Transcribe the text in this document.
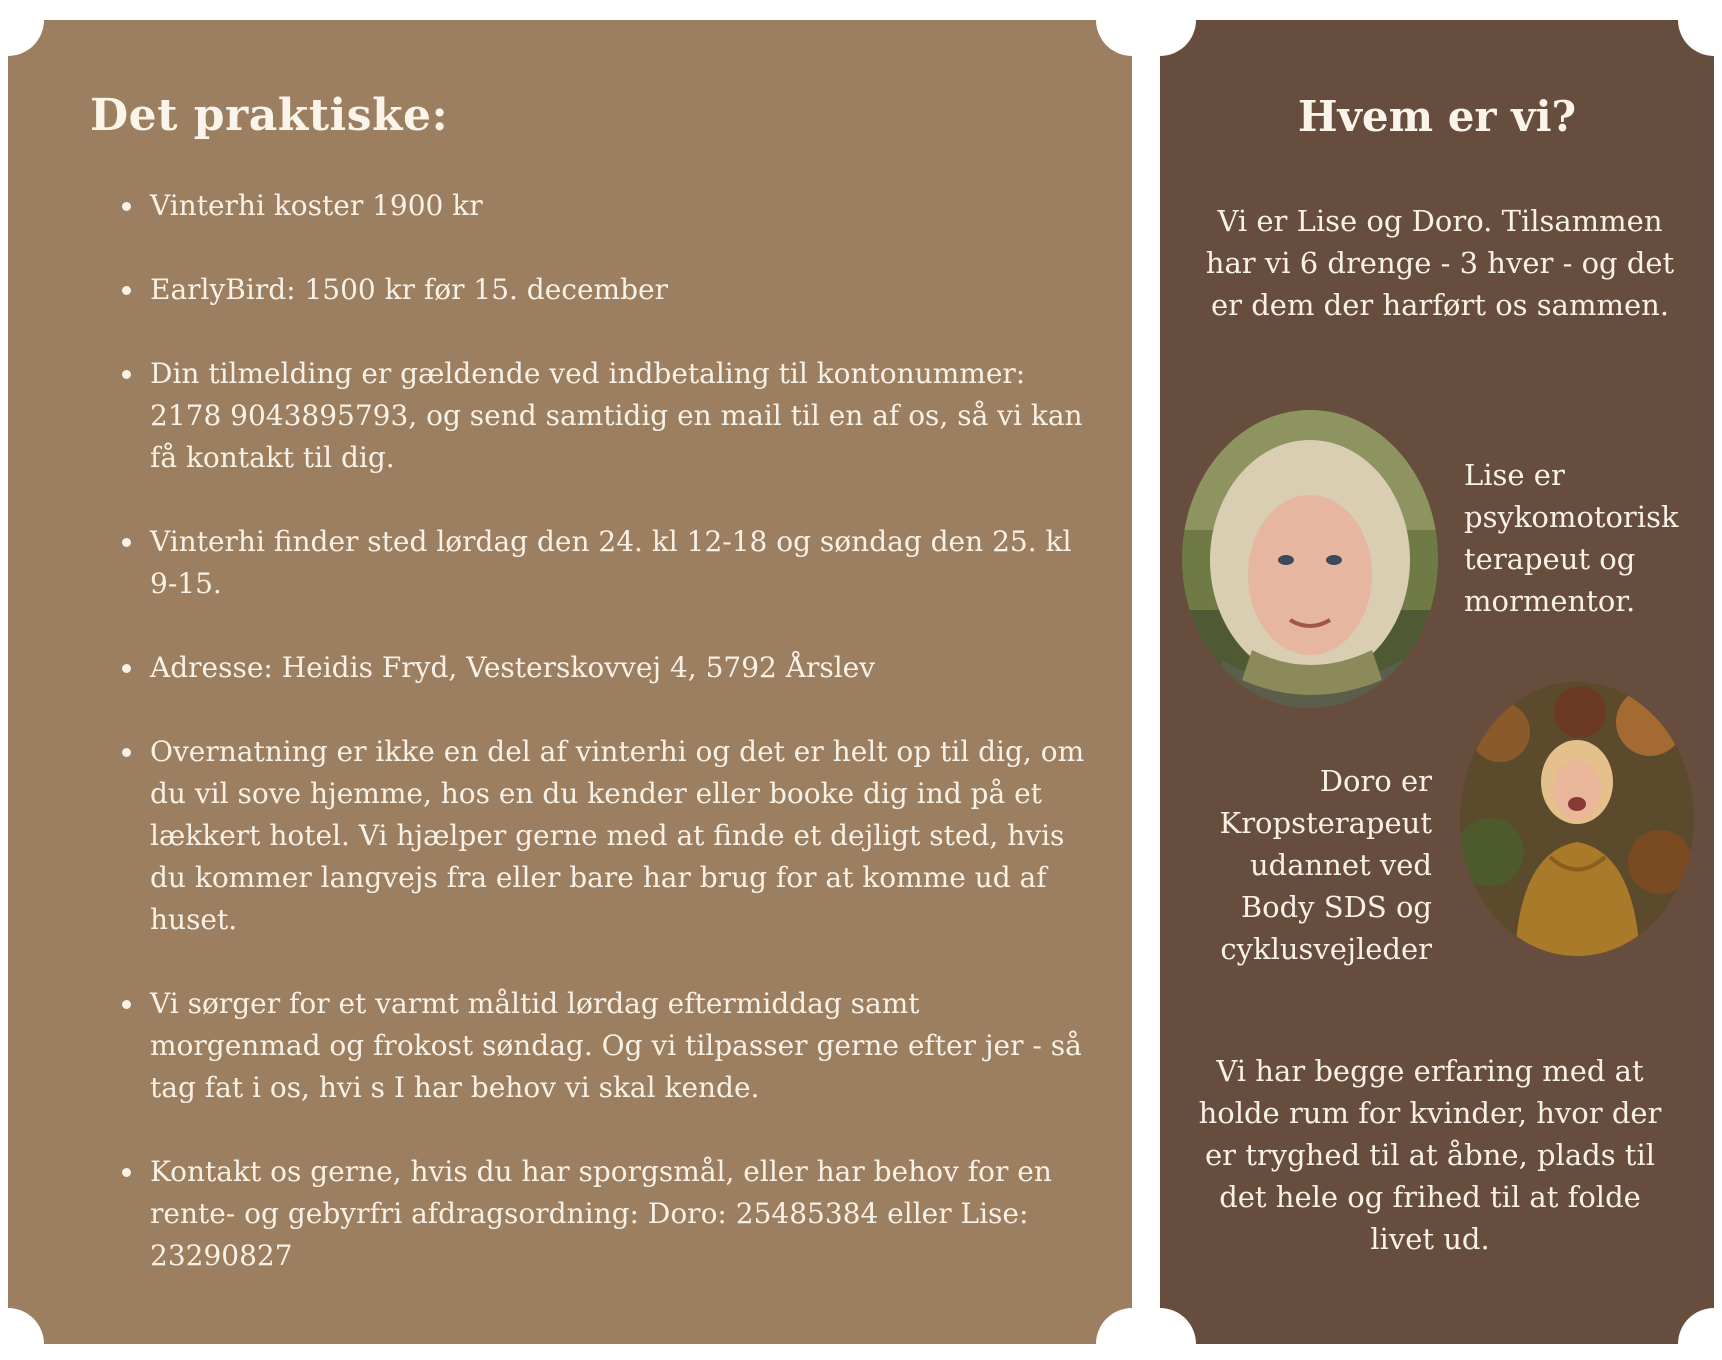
Det praktiske:
Vinterhi koster 1900 kr
EarlyBird: 1500 kr før 15. december
Din tilmelding er gældende ved indbetaling til kontonummer: 2178 9043895793, og send samtidig en mail til en af os, så vi kan få kontakt til dig.
Vinterhi finder sted lørdag den 24. kl 12-18 og søndag den 25. kl 9-15.
Adresse: Heidis Fryd, Vesterskovvej 4, 5792 Årslev
Overnatning er ikke en del af vinterhi og det er helt op til dig, om du vil sove hjemme, hos en du kender eller booke dig ind på et lækkert hotel. Vi hjælper gerne med at finde et dejligt sted, hvis du kommer langvejs fra eller bare har brug for at komme ud af huset.
Vi sørger for et varmt måltid lørdag eftermiddag samt morgenmad og frokost søndag. Og vi tilpasser gerne efter jer - så tag fat i os, hvi s I har behov vi skal kende.
Kontakt os gerne, hvis du har sporgsmål, eller har behov for en rente- og gebyrfri afdragsordning: Doro: 25485384 eller Lise: 23290827
Hvem er vi?
Vi er Lise og Doro. Tilsammen har vi 6 drenge - 3 hver - og det er dem der harført os sammen.
Lise er psykomotorisk terapeut og mormentor.
Doro er Kropsterapeut udannet ved Body SDS og cyklusvejleder
Vi har begge erfaring med at holde rum for kvinder, hvor der er tryghed til at åbne, plads til det hele og frihed til at folde livet ud.
